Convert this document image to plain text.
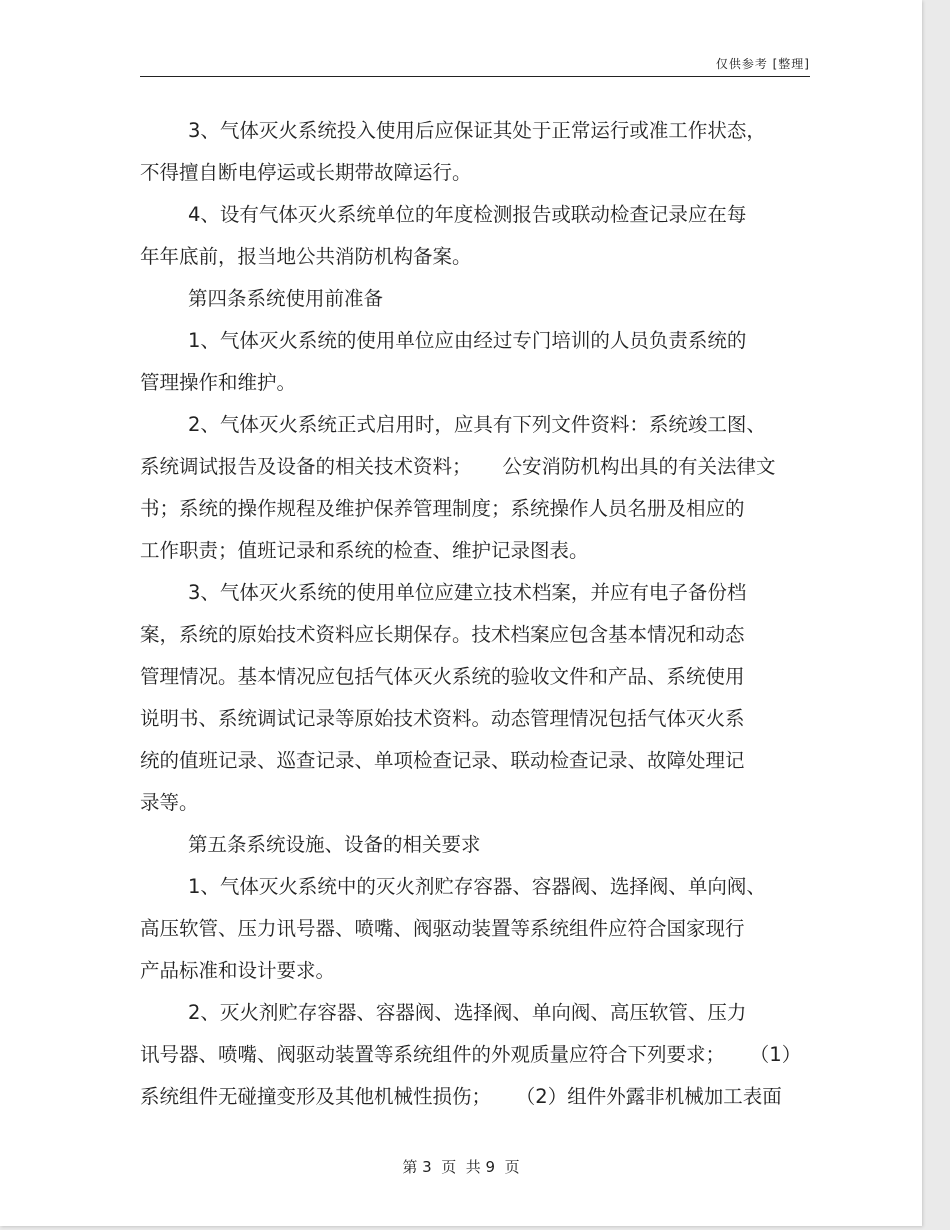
仅供参考 [整理]
3、气体灭火系统投入使用后应保证其处于正常运行或准工作状态，
不得擅自断电停运或长期带故障运行。
4、设有气体灭火系统单位的年度检测报告或联动检查记录应在每
年年底前，报当地公共消防机构备案。
第四条系统使用前准备
1、气体灭火系统的使用单位应由经过专门培训的人员负责系统的
管理操作和维护。
2、气体灭火系统正式启用时，应具有下列文件资料：系统竣工图、
系统调试报告及设备的相关技术资料；     公安消防机构出具的有关法律文
书；系统的操作规程及维护保养管理制度；系统操作人员名册及相应的
工作职责；值班记录和系统的检查、维护记录图表。
3、气体灭火系统的使用单位应建立技术档案，并应有电子备份档
案，系统的原始技术资料应长期保存。技术档案应包含基本情况和动态
管理情况。基本情况应包括气体灭火系统的验收文件和产品、系统使用
说明书、系统调试记录等原始技术资料。动态管理情况包括气体灭火系
统的值班记录、巡查记录、单项检查记录、联动检查记录、故障处理记
录等。
第五条系统设施、设备的相关要求
1、气体灭火系统中的灭火剂贮存容器、容器阀、选择阀、单向阀、
高压软管、压力讯号器、喷嘴、阀驱动装置等系统组件应符合国家现行
产品标准和设计要求。
2、灭火剂贮存容器、容器阀、选择阀、单向阀、高压软管、压力
讯号器、喷嘴、阀驱动装置等系统组件的外观质量应符合下列要求；    （1）
系统组件无碰撞变形及其他机械性损伤；    （2）组件外露非机械加工表面
第 3  页  共 9  页
